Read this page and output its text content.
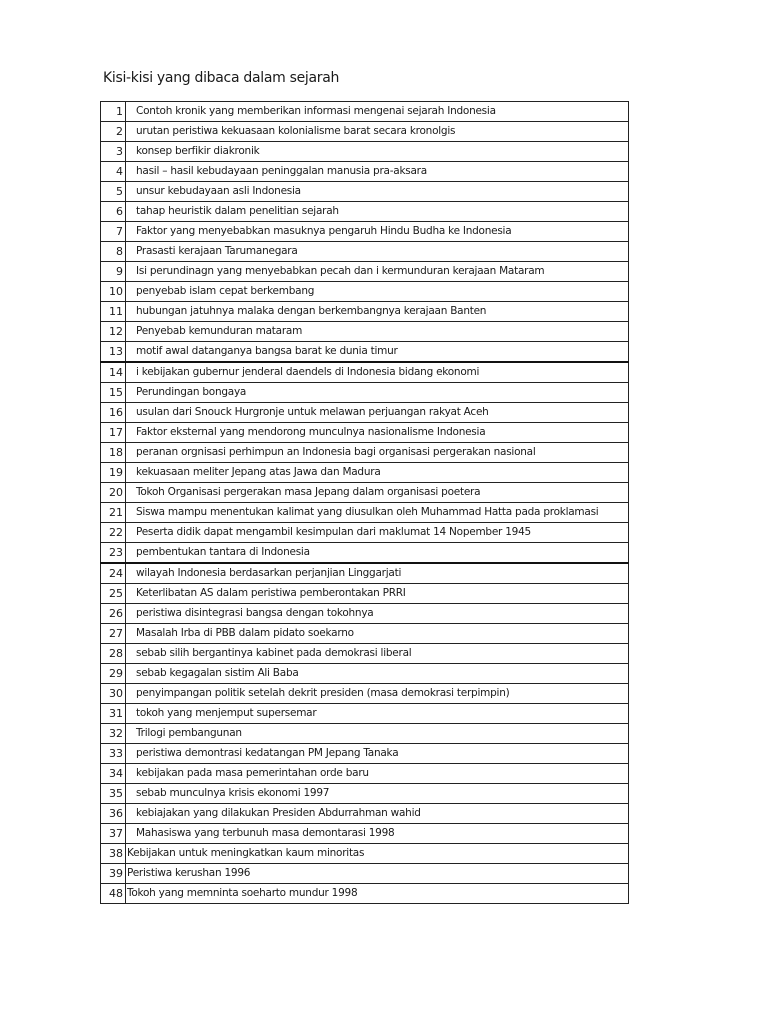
Kisi-kisi yang dibaca dalam sejarah
1	Contoh kronik yang memberikan informasi mengenai sejarah Indonesia
2	urutan peristiwa kekuasaan kolonialisme barat secara kronolgis
3	konsep berfikir diakronik
4	hasil – hasil kebudayaan peninggalan manusia pra-aksara
5	unsur kebudayaan asli Indonesia
6	tahap heuristik dalam penelitian sejarah
7	Faktor yang menyebabkan masuknya pengaruh Hindu Budha ke Indonesia
8	Prasasti kerajaan Tarumanegara
9	Isi perundinagn yang menyebabkan pecah dan i kermunduran kerajaan Mataram
10	penyebab islam cepat berkembang
11	hubungan jatuhnya malaka dengan berkembangnya kerajaan Banten
12	Penyebab kemunduran mataram
13	motif awal datanganya bangsa barat ke dunia timur
14	i kebijakan gubernur jenderal daendels di Indonesia bidang ekonomi
15	Perundingan bongaya
16	usulan dari Snouck Hurgronje untuk melawan perjuangan rakyat Aceh
17	Faktor eksternal yang mendorong munculnya nasionalisme Indonesia
18	peranan orgnisasi perhimpun an Indonesia bagi organisasi pergerakan nasional
19	kekuasaan meliter Jepang atas Jawa dan Madura
20	Tokoh Organisasi pergerakan masa Jepang dalam organisasi poetera
21	Siswa mampu menentukan kalimat yang diusulkan oleh Muhammad Hatta pada proklamasi
22	Peserta didik dapat mengambil kesimpulan dari maklumat 14 Nopember 1945
23	pembentukan tantara di Indonesia
24	wilayah Indonesia berdasarkan perjanjian Linggarjati
25	Keterlibatan AS dalam peristiwa pemberontakan PRRI
26	peristiwa disintegrasi bangsa dengan tokohnya
27	Masalah Irba di PBB dalam pidato soekarno
28	sebab silih bergantinya kabinet pada demokrasi liberal
29	sebab kegagalan sistim Ali Baba
30	penyimpangan politik setelah dekrit presiden (masa demokrasi terpimpin)
31	tokoh yang menjemput supersemar
32	Trilogi pembangunan
33	peristiwa demontrasi kedatangan PM Jepang Tanaka
34	kebijakan pada masa pemerintahan orde baru
35	sebab munculnya krisis ekonomi 1997
36	kebiajakan yang dilakukan Presiden Abdurrahman wahid
37	Mahasiswa yang terbunuh masa demontarasi 1998
38	Kebijakan untuk meningkatkan kaum minoritas
39	Peristiwa kerushan 1996
48	Tokoh yang memninta soeharto mundur 1998
